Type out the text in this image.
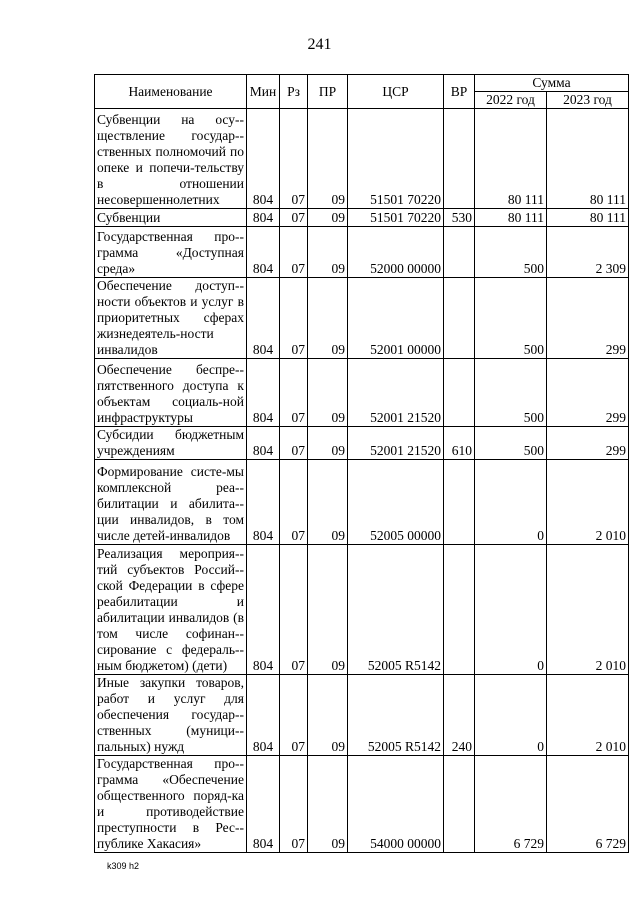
241
Наименование	Мин	Рз	ПР	ЦСР	ВР	Сумма	
						2022 год	2023 год
Субвенции на осу-ществление государ-ственных полномочий по опеке и попечи-тельству в отношении несовершеннолетних	804	07	09	51501 70220		80 111	80 111
Субвенции	804	07	09	51501 70220	530	80 111	80 111
Государственная про-грамма «Доступная среда»	804	07	09	52000 00000		500	2 309
Обеспечение доступ-ности объектов и услуг в приоритетных сферах жизнедеятель-ности инвалидов	804	07	09	52001 00000		500	299
Обеспечение беспре-пятственного доступа к объектам социаль-ной инфраструктуры	804	07	09	52001 21520		500	299
Субсидии бюджетным учреждениям	804	07	09	52001 21520	610	500	299
Формирование систе-мы комплексной реа-билитации и абилита-ции инвалидов, в том числе детей-инвалидов	804	07	09	52005 00000		0	2 010
Реализация мероприя-тий субъектов Россий-ской Федерации в сфере реабилитации и абилитации инвалидов (в том числе софинан-сирование с федераль-ным бюджетом) (дети)	804	07	09	52005 R5142		0	2 010
Иные закупки товаров, работ и услуг для обеспечения государ-ственных (муници-пальных) нужд	804	07	09	52005 R5142	240	0	2 010
Государственная про-грамма «Обеспечение общественного поряд-ка и противодействие преступности в Рес-публике Хакасия»	804	07	09	54000 00000		6 729	6 729
k309 h2
